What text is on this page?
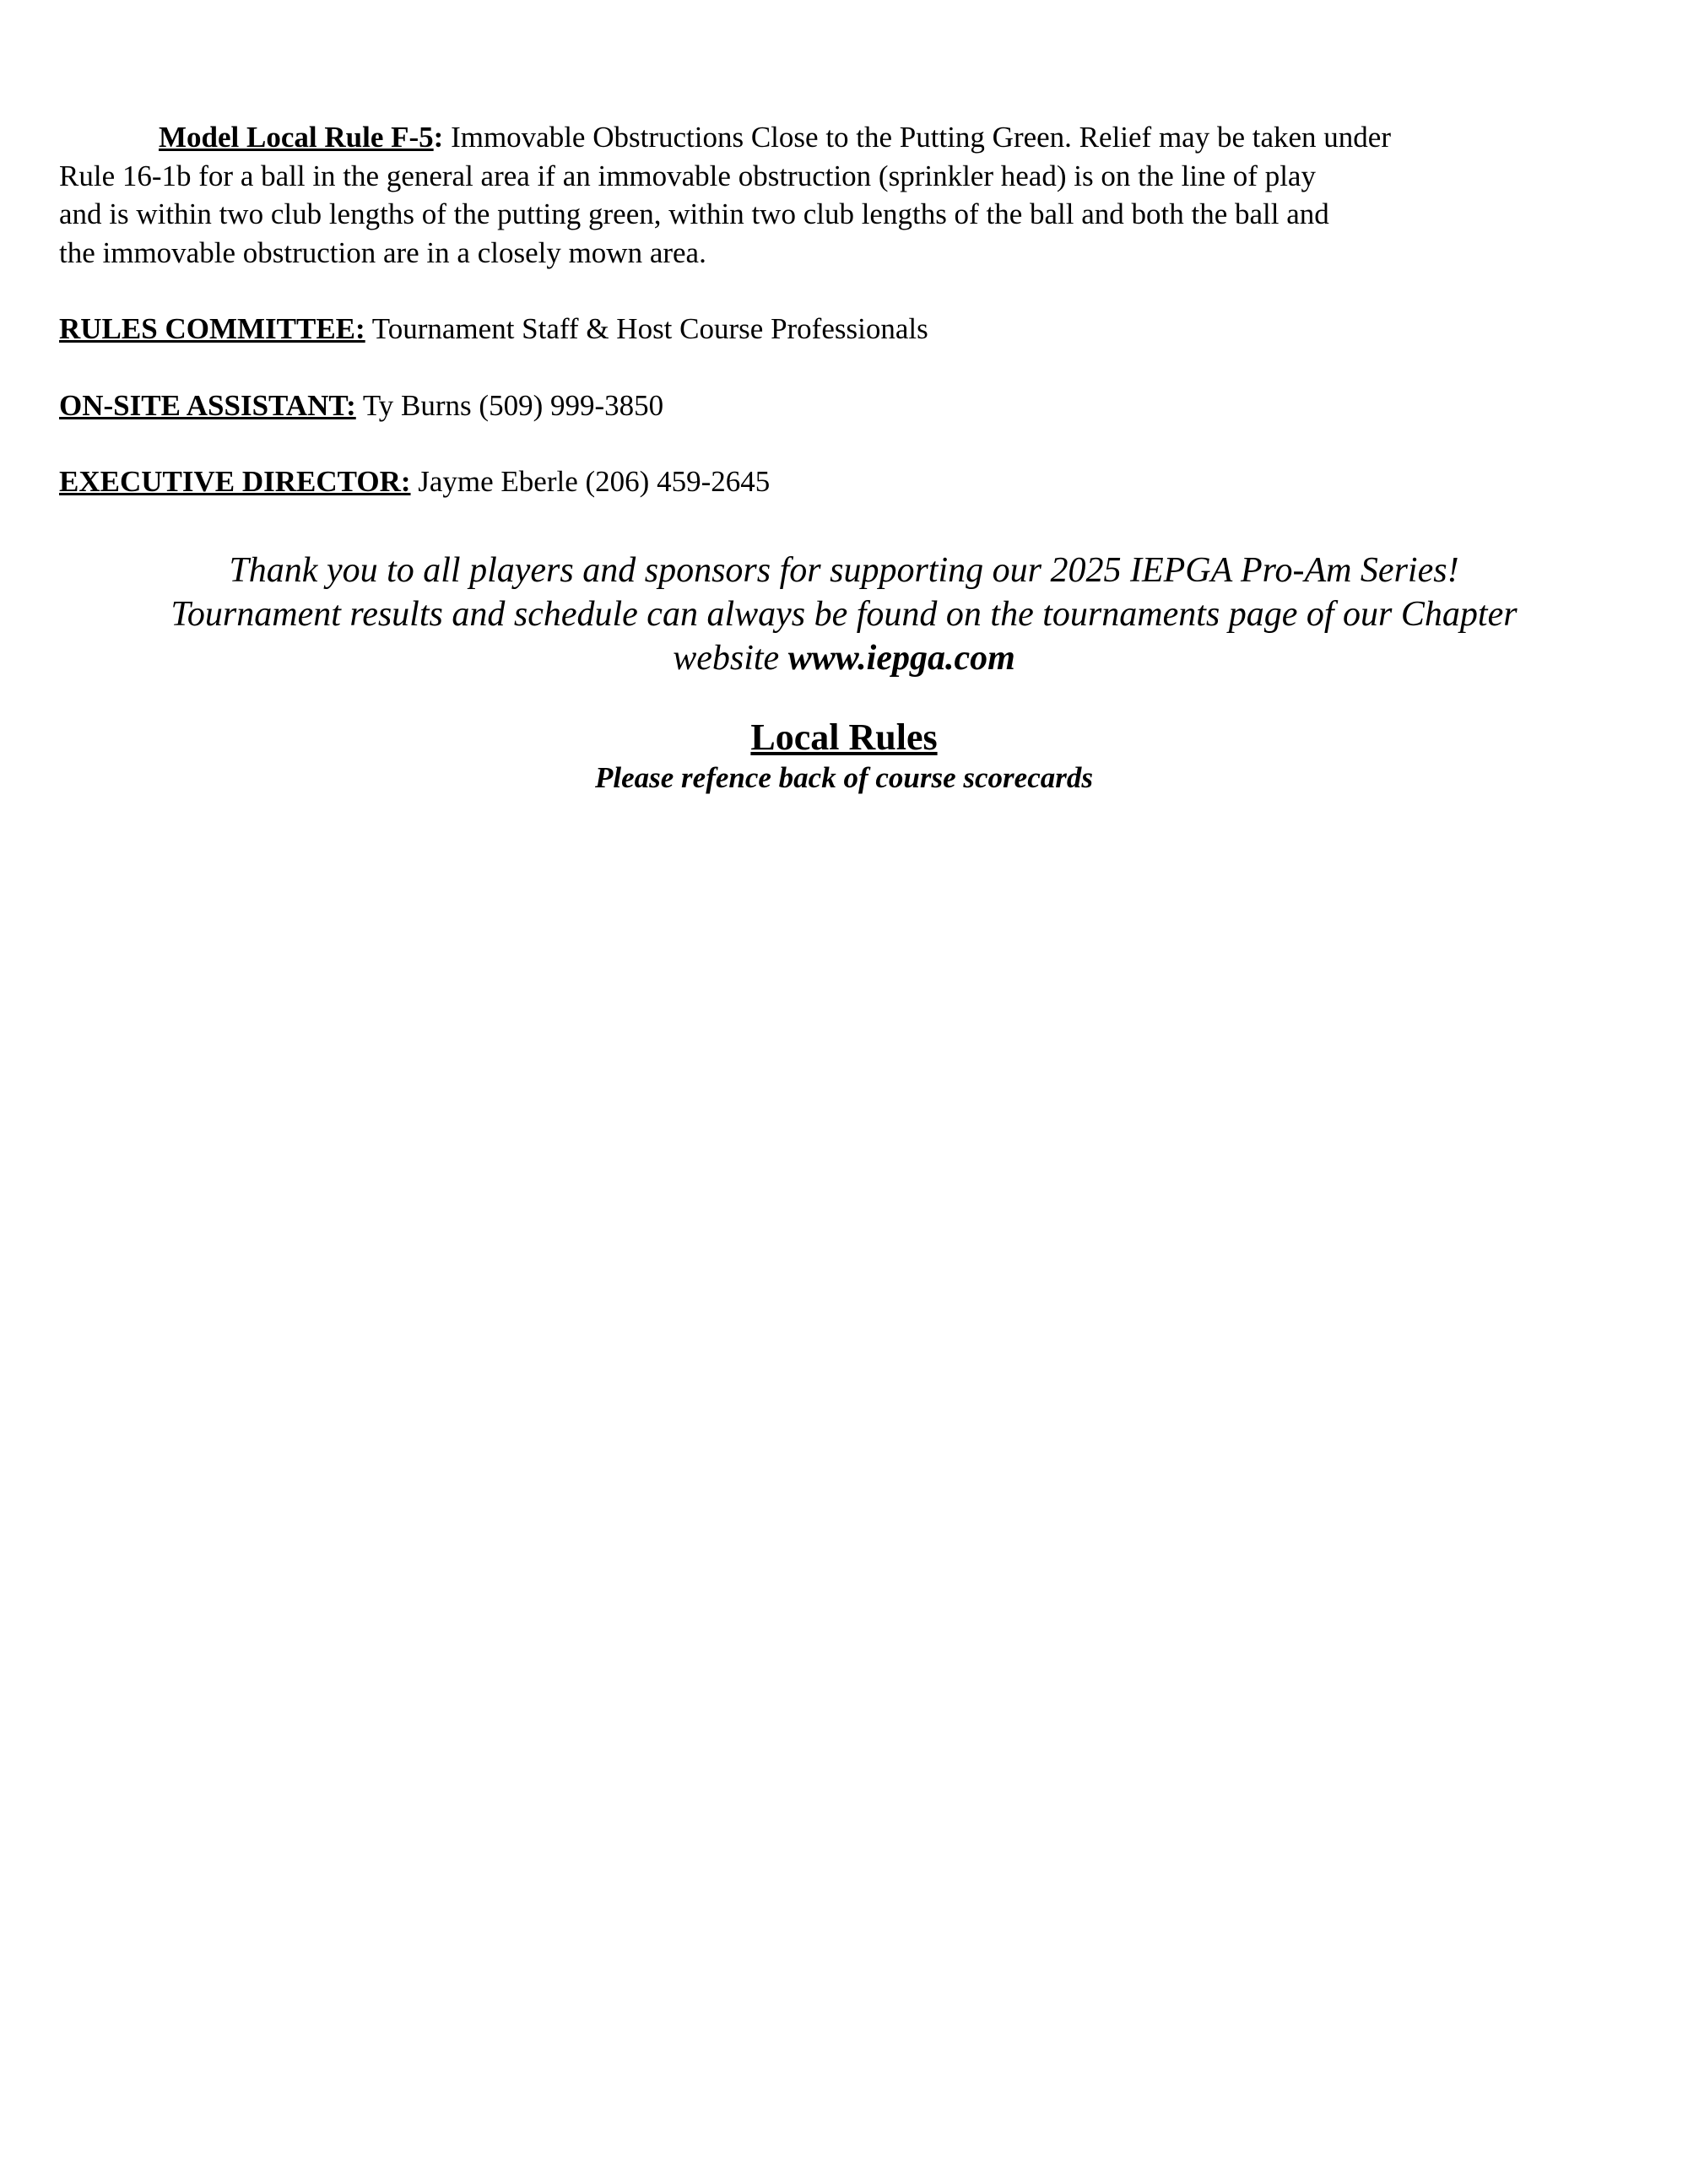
Model Local Rule F-5: Immovable Obstructions Close to the Putting Green. Relief may be taken under
Rule 16-1b for a ball in the general area if an immovable obstruction (sprinkler head) is on the line of play
and is within two club lengths of the putting green, within two club lengths of the ball and both the ball and
the immovable obstruction are in a closely mown area.

RULES COMMITTEE: Tournament Staff & Host Course Professionals

ON-SITE ASSISTANT: Ty Burns (509) 999-3850

EXECUTIVE DIRECTOR: Jayme Eberle (206) 459-2645

Thank you to all players and sponsors for supporting our 2025 IEPGA Pro-Am Series!
Tournament results and schedule can always be found on the tournaments page of our Chapter
website www.iepga.com
Local Rules
Please refence back of course scorecards
